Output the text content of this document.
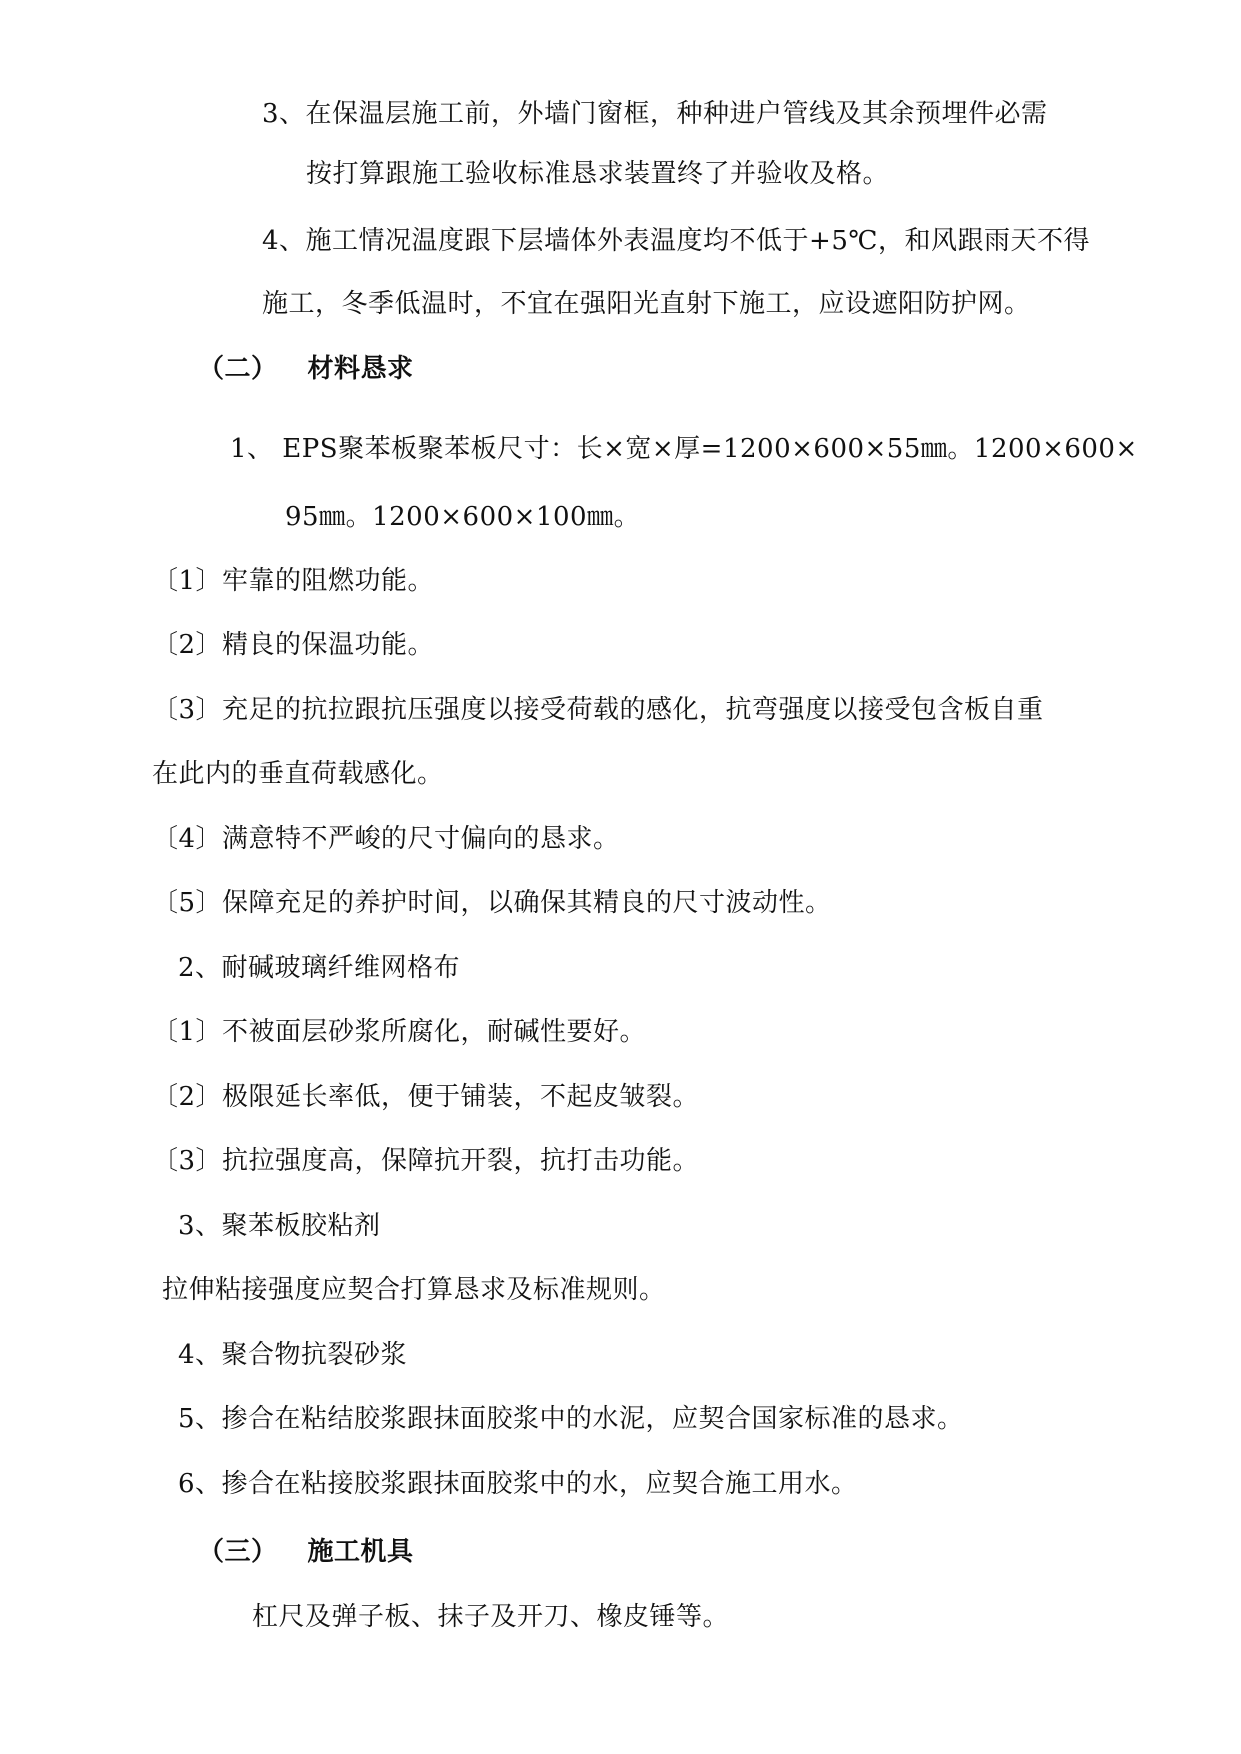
3、在保温层施工前，外墙门窗框，种种进户管线及其余预埋件必需
按打算跟施工验收标准恳求装置终了并验收及格。
4、施工情况温度跟下层墙体外表温度均不低于+5℃，和风跟雨天不得
施工，冬季低温时，不宜在强阳光直射下施工，应设遮阳防护网。
（二） 材料恳求
1、 EPS聚苯板聚苯板尺寸：长×宽×厚=1200×600×55㎜。1200×600×
95㎜。1200×600×100㎜。
〔1〕牢靠的阻燃功能。
〔2〕精良的保温功能。
〔3〕充足的抗拉跟抗压强度以接受荷载的感化，抗弯强度以接受包含板自重
在此内的垂直荷载感化。
〔4〕满意特不严峻的尺寸偏向的恳求。
〔5〕保障充足的养护时间，以确保其精良的尺寸波动性。
2、耐碱玻璃纤维网格布
〔1〕不被面层砂浆所腐化，耐碱性要好。
〔2〕极限延长率低，便于铺装，不起皮皱裂。
〔3〕抗拉强度高，保障抗开裂，抗打击功能。
3、聚苯板胶粘剂
拉伸粘接强度应契合打算恳求及标准规则。
4、聚合物抗裂砂浆
5、掺合在粘结胶浆跟抹面胶浆中的水泥，应契合国家标准的恳求。
6、掺合在粘接胶浆跟抹面胶浆中的水，应契合施工用水。
（三） 施工机具
杠尺及弹子板、抹子及开刀、橡皮锤等。
